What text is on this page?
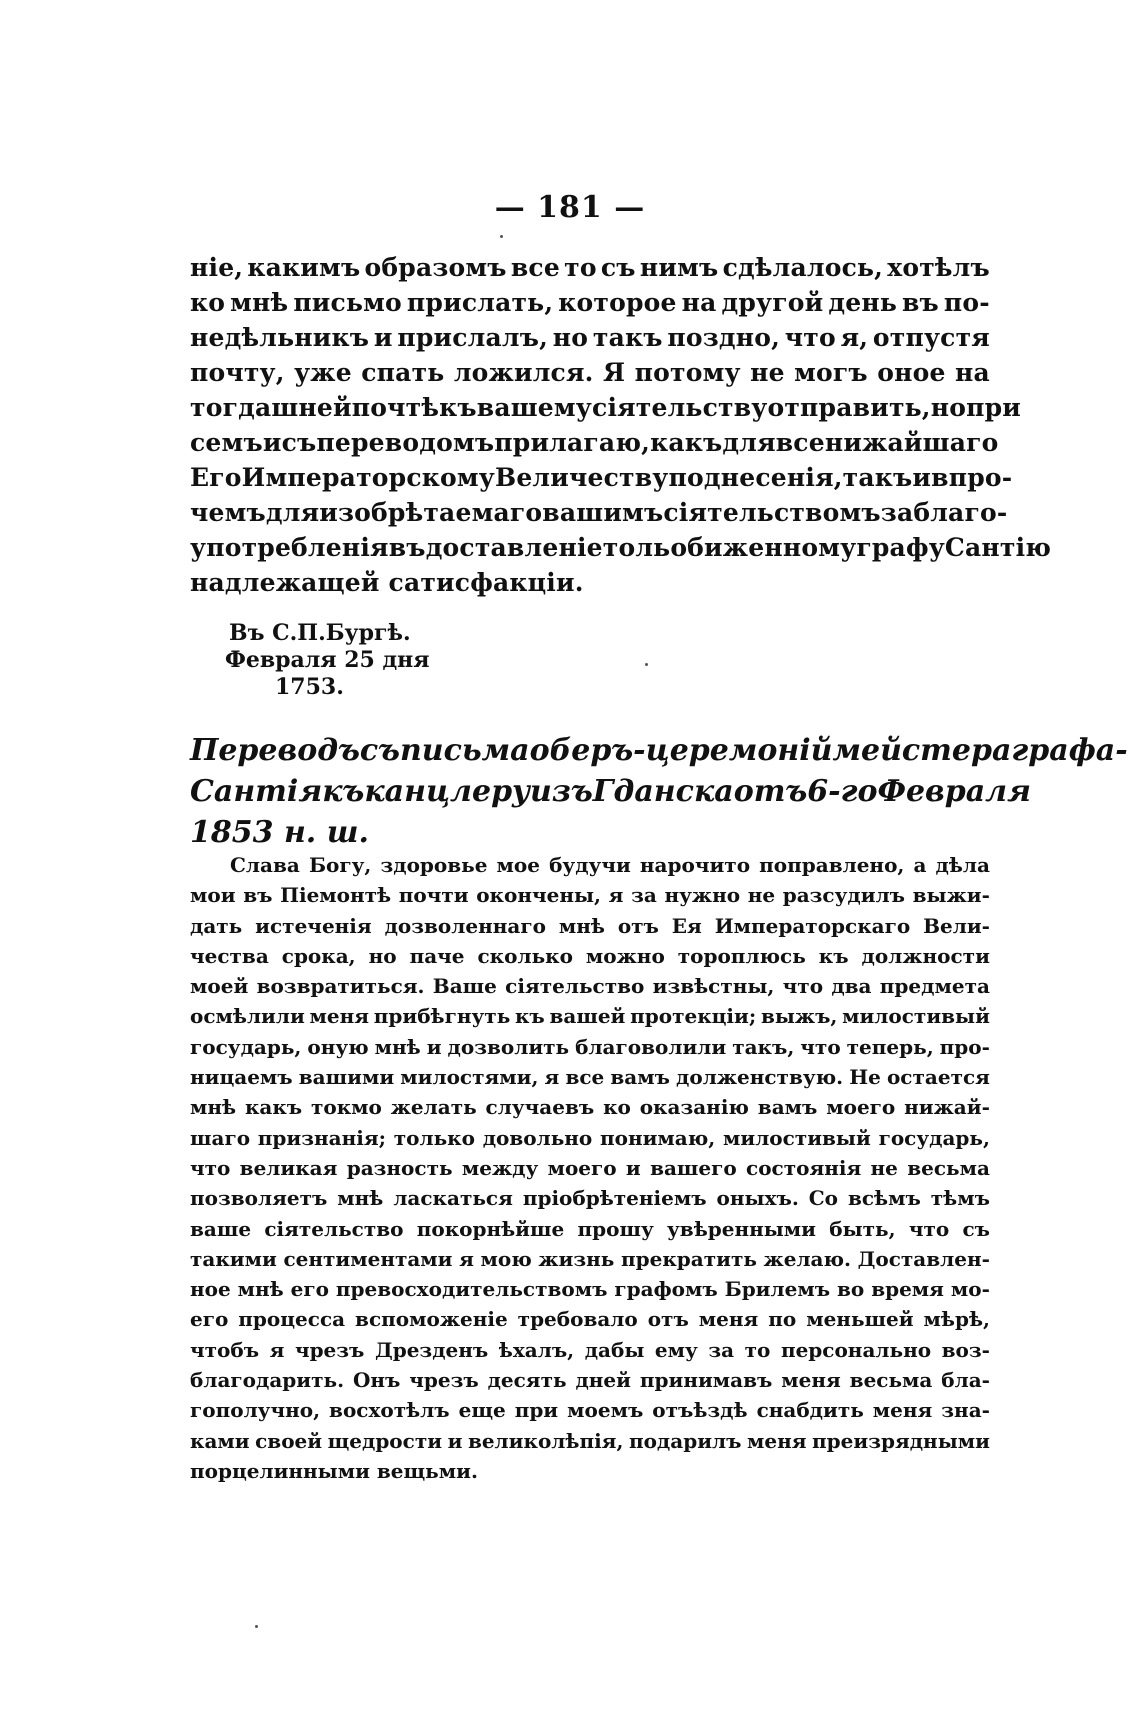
— 181 —
ніе, какимъ образомъ все то съ нимъ сдѣлалось, хотѣлъ
ко мнѣ письмо прислать, которое на другой день въ по-
недѣльникъ и прислалъ, но такъ поздно, что я, отпустя
почту, уже спать ложился. Я потому не могъ оное на
тогдашней почтѣ къ вашему сіятельству отправить, но при
семъ и съ переводомъ прилагаю, какъ для всенижайшаго
Его Императорскому Величеству поднесенія, такъ и впро-
чемъ для изобрѣтаемаго вашимъ сіятельствомъ заблаго-
употребленія въ доставленіе толь обиженному графу Сантію
надлежащей сатисфакціи.
Въ С.П.Бургѣ.
Февраля 25 дня
1753.
Переводъ съ письма оберъ-церемоніймейстера графа-
Сантія къ канцлеру изъ Гданска отъ 6-го Февраля
1853 н. ш.
Слава Богу, здоровье мое будучи нарочито поправлено, а дѣла
мои въ Піемонтѣ почти окончены, я за нужно не разсудилъ выжи-
дать истеченія дозволеннаго мнѣ отъ Ея Императорскаго Вели-
чества срока, но паче сколько можно тороплюсь къ должности
моей возвратиться. Ваше сіятельство извѣстны, что два предмета
осмѣлили меня прибѣгнуть къ вашей протекціи; выжъ, милостивый
государь, оную мнѣ и дозволить благоволили такъ, что теперь, про-
ницаемъ вашими милостями, я все вамъ долженствую. Не остается
мнѣ какъ токмо желать случаевъ ко оказанію вамъ моего нижай-
шаго признанія; только довольно понимаю, милостивый государь,
что великая разность между моего и вашего состоянія не весьма
позволяетъ мнѣ ласкаться пріобрѣтеніемъ оныхъ. Со всѣмъ тѣмъ
ваше сіятельство покорнѣйше прошу увѣренными быть, что съ
такими сентиментами я мою жизнь прекратить желаю. Доставлен-
ное мнѣ его превосходительствомъ графомъ Брилемъ во время мо-
его процесса вспоможеніе требовало отъ меня по меньшей мѣрѣ,
чтобъ я чрезъ Дрезденъ ѣхалъ, дабы ему за то персонально воз-
благодарить. Онъ чрезъ десять дней принимавъ меня весьма бла-
гополучно, восхотѣлъ еще при моемъ отъѣздѣ снабдить меня зна-
ками своей щедрости и великолѣпія, подарилъ меня преизрядными
порцелинными вещьми.
